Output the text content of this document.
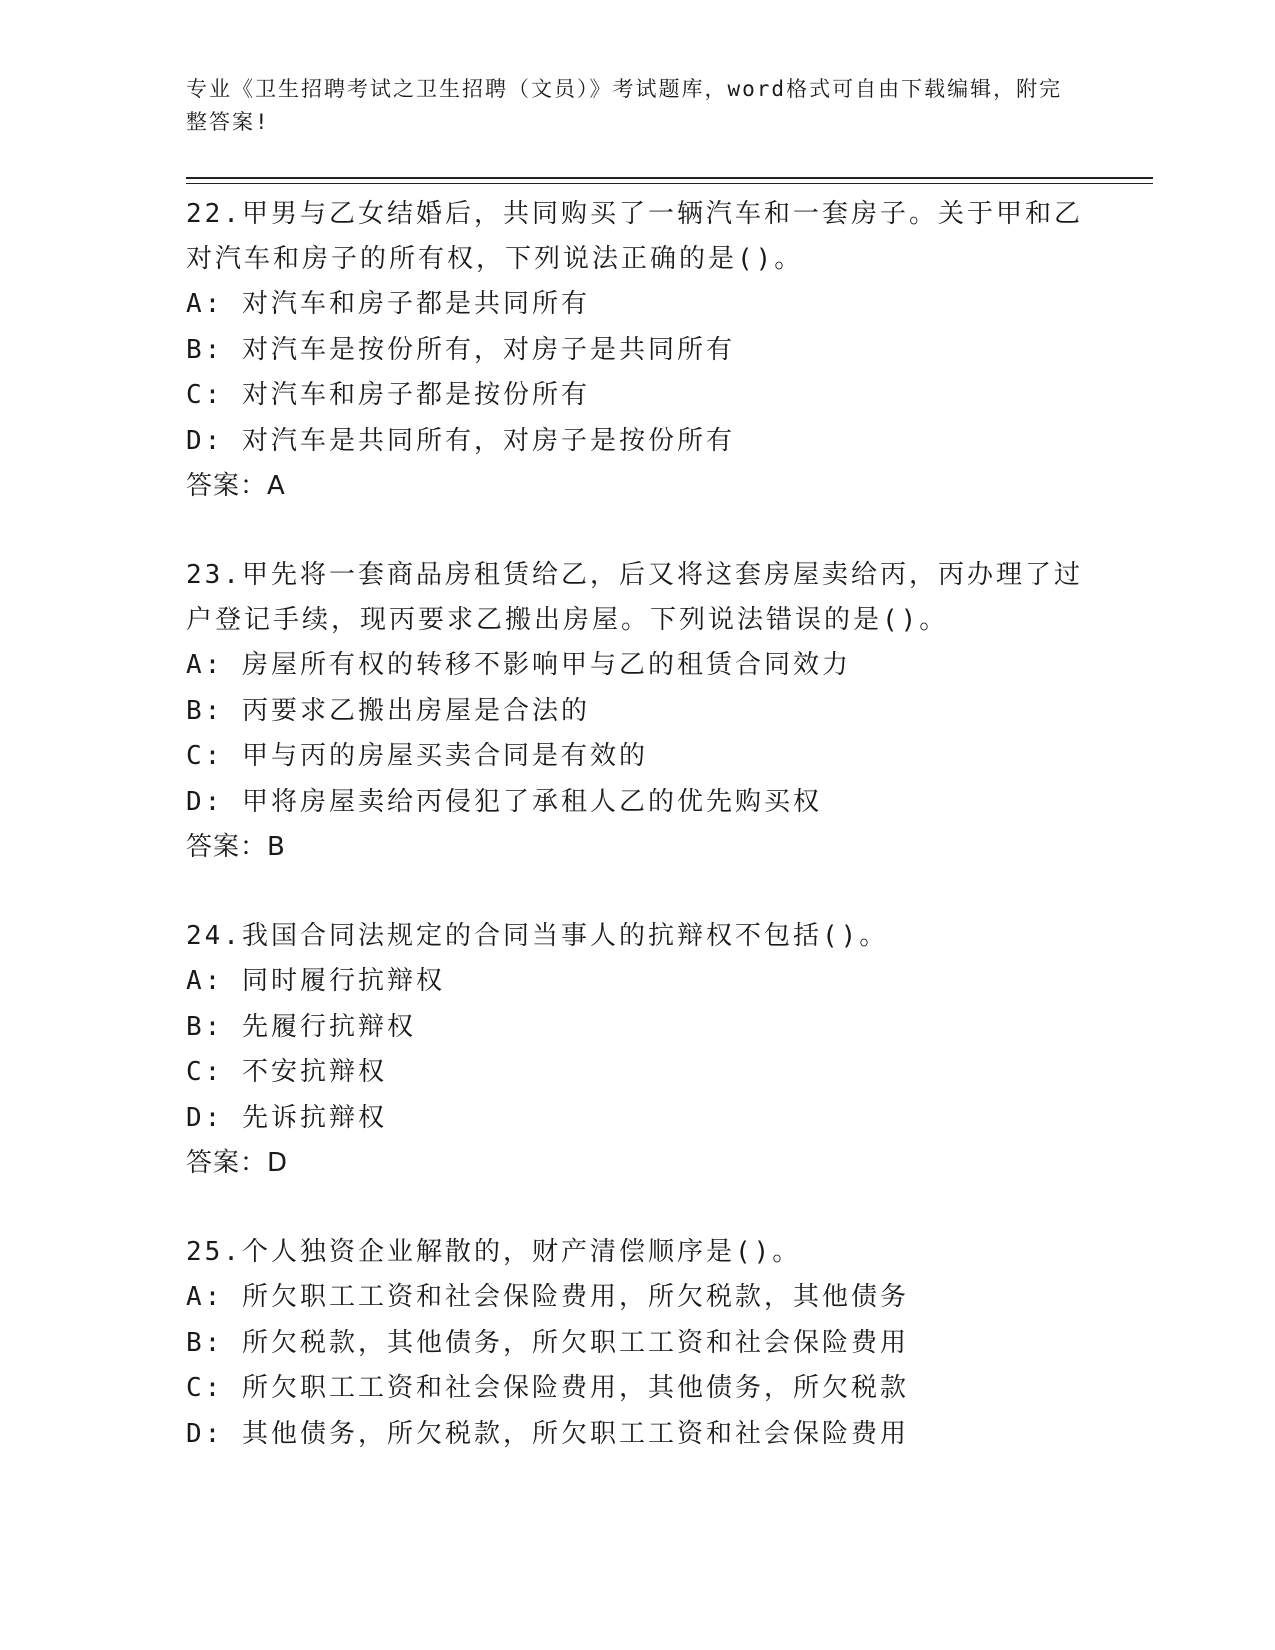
专业《卫生招聘考试之卫生招聘（文员）》考试题库，word格式可自由下载编辑，附完整答案!

22.甲男与乙女结婚后，共同购买了一辆汽车和一套房子。关于甲和乙对汽车和房子的所有权，下列说法正确的是()。

A: 对汽车和房子都是共同所有

B: 对汽车是按份所有，对房子是共同所有

C: 对汽车和房子都是按份所有

D: 对汽车是共同所有，对房子是按份所有

答案：A

23.甲先将一套商品房租赁给乙，后又将这套房屋卖给丙，丙办理了过户登记手续，现丙要求乙搬出房屋。下列说法错误的是()。

A: 房屋所有权的转移不影响甲与乙的租赁合同效力

B: 丙要求乙搬出房屋是合法的

C: 甲与丙的房屋买卖合同是有效的

D: 甲将房屋卖给丙侵犯了承租人乙的优先购买权

答案：B

24.我国合同法规定的合同当事人的抗辩权不包括()。

A: 同时履行抗辩权

B: 先履行抗辩权

C: 不安抗辩权

D: 先诉抗辩权

答案：D

25.个人独资企业解散的，财产清偿顺序是()。

A: 所欠职工工资和社会保险费用，所欠税款，其他债务

B: 所欠税款，其他债务，所欠职工工资和社会保险费用

C: 所欠职工工资和社会保险费用，其他债务，所欠税款

D: 其他债务，所欠税款，所欠职工工资和社会保险费用
